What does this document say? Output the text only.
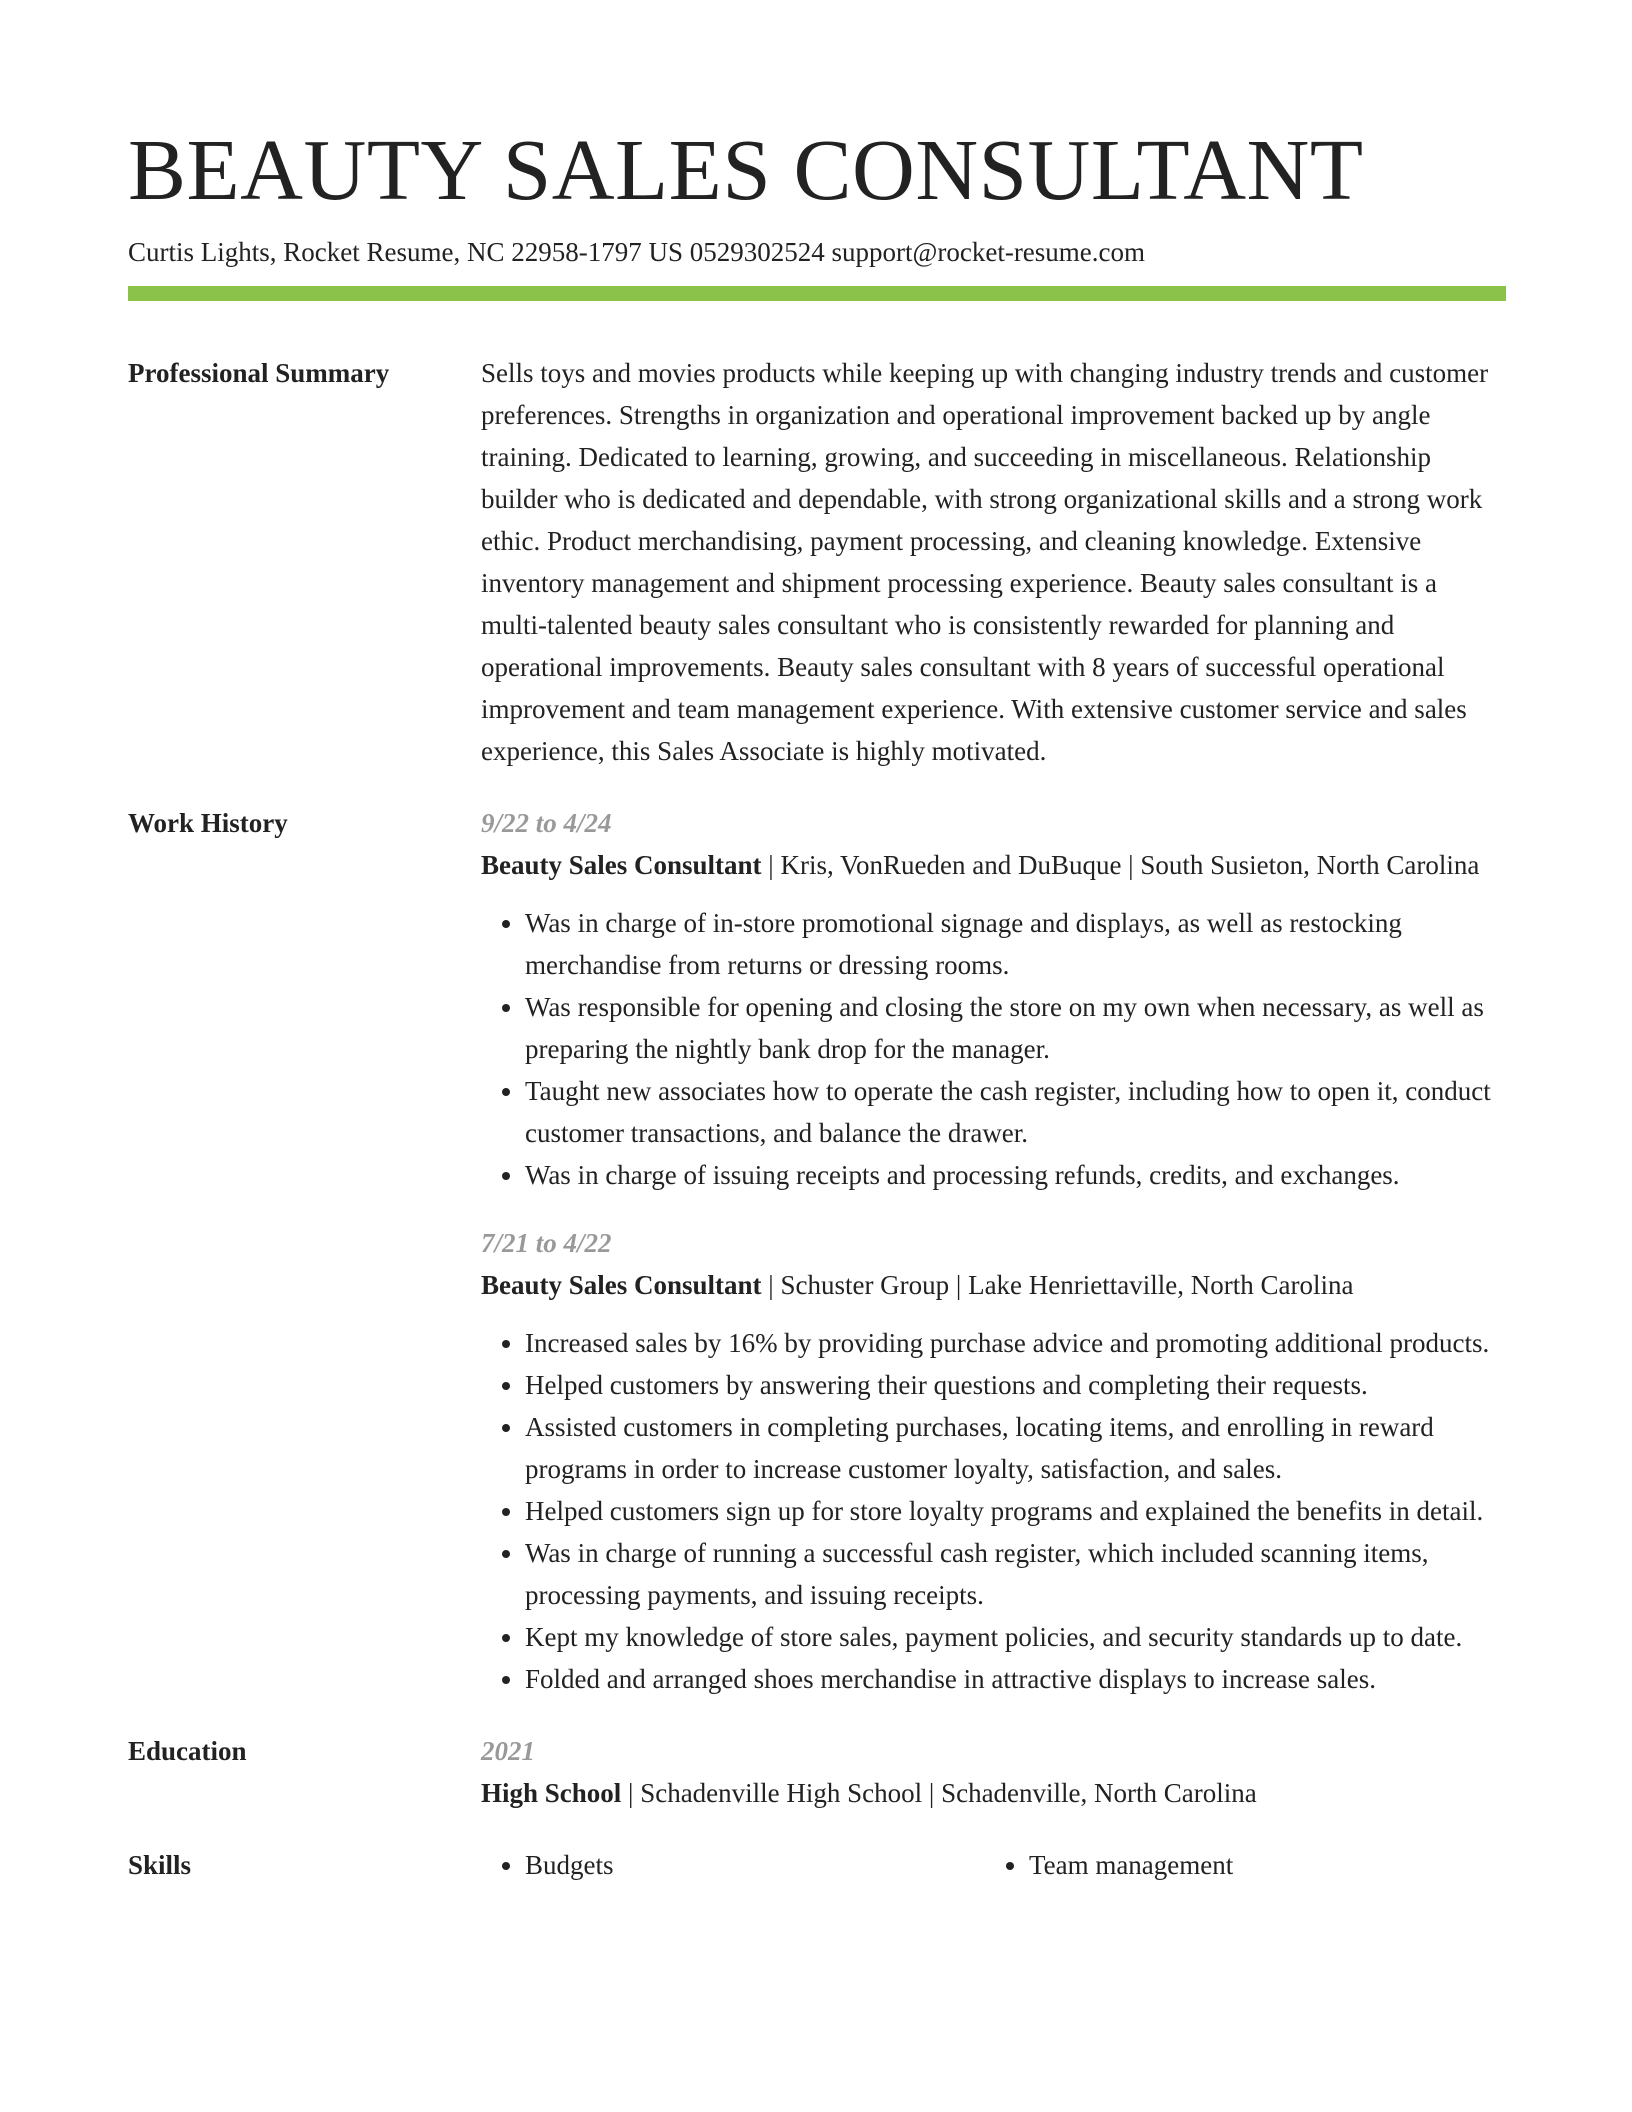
BEAUTY SALES CONSULTANT
Curtis Lights, Rocket Resume, NC 22958-1797 US 0529302524 support@rocket-resume.com
Professional Summary	Sells toys and movies products while keeping up with changing industry trends and customer preferences. Strengths in organization and operational improvement backed up by angle training. Dedicated to learning, growing, and succeeding in miscellaneous. Relationship builder who is dedicated and dependable, with strong organizational skills and a strong work ethic. Product merchandising, payment processing, and cleaning knowledge. Extensive inventory management and shipment processing experience. Beauty sales consultant is a multi-talented beauty sales consultant who is consistently rewarded for planning and operational improvements. Beauty sales consultant with 8 years of successful operational improvement and team management experience. With extensive customer service and sales experience, this Sales Associate is highly motivated.

Work History	9/22 to 4/24
Beauty Sales Consultant | Kris, VonRueden and DuBuque | South Susieton, North Carolina
• Was in charge of in-store promotional signage and displays, as well as restocking merchandise from returns or dressing rooms.
• Was responsible for opening and closing the store on my own when necessary, as well as preparing the nightly bank drop for the manager.
• Taught new associates how to operate the cash register, including how to open it, conduct customer transactions, and balance the drawer.
• Was in charge of issuing receipts and processing refunds, credits, and exchanges.
7/21 to 4/22
Beauty Sales Consultant | Schuster Group | Lake Henriettaville, North Carolina
• Increased sales by 16% by providing purchase advice and promoting additional products.
• Helped customers by answering their questions and completing their requests.
• Assisted customers in completing purchases, locating items, and enrolling in reward programs in order to increase customer loyalty, satisfaction, and sales.
• Helped customers sign up for store loyalty programs and explained the benefits in detail.
• Was in charge of running a successful cash register, which included scanning items, processing payments, and issuing receipts.
• Kept my knowledge of store sales, payment policies, and security standards up to date.
• Folded and arranged shoes merchandise in attractive displays to increase sales.
Education	2021
High School | Schadenville High School | Schadenville, North Carolina
Skills	• Budgets	• Team management
